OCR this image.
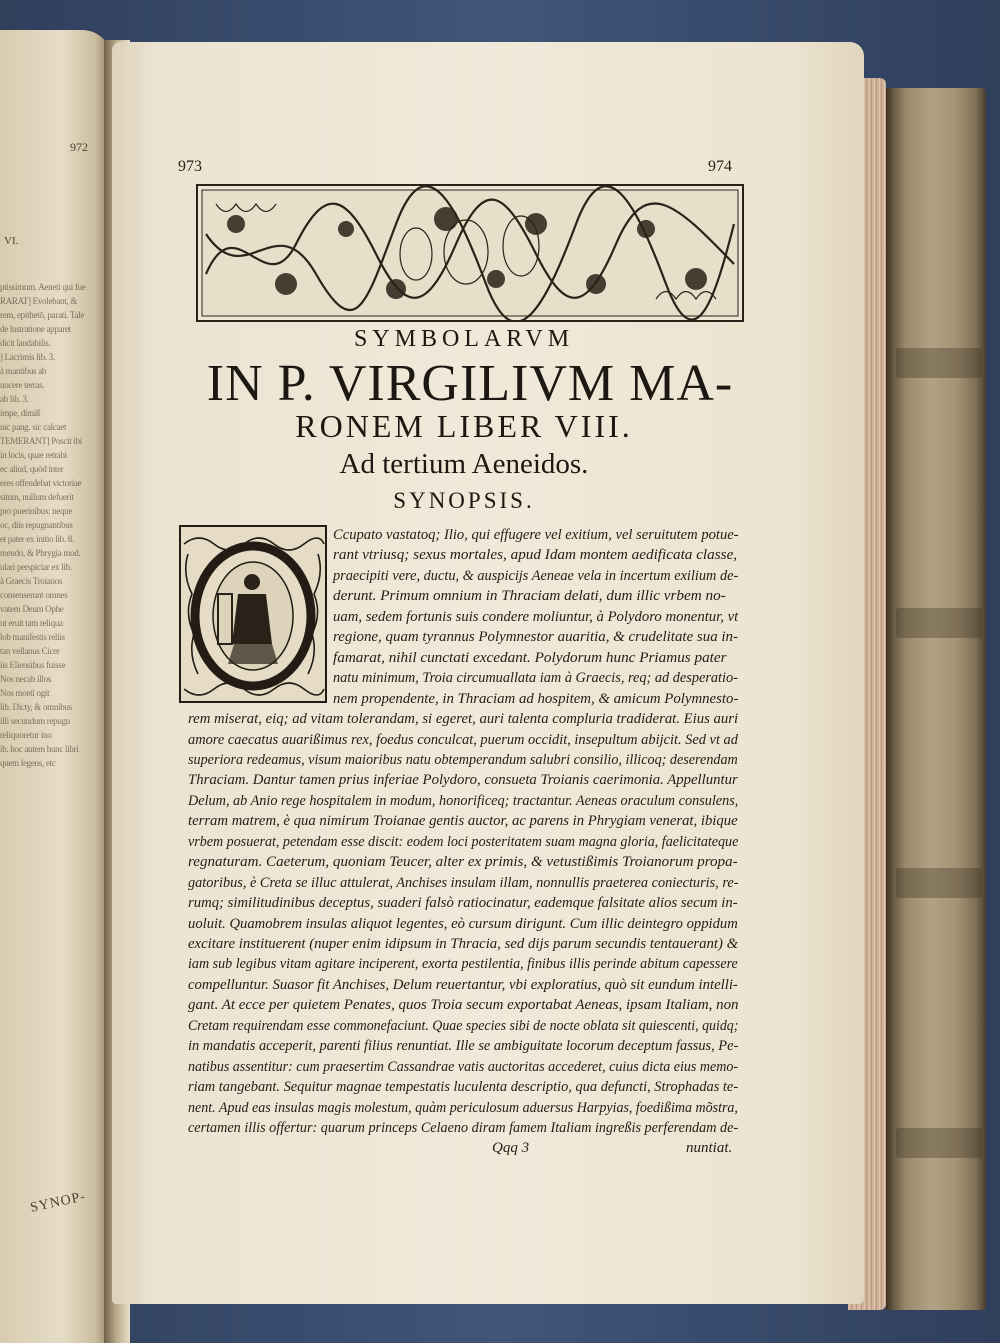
972
VI.
ptissimum. Aeneti qui fue
RARAT] Evolebant, &
rem, epithetō, parati. Tale
de lustratione apparet
dicit laudabilis.
] Lacrimis lib. 3.
à mantibus ab
uocere terras.
ab lib. 3.
impe, dimiß
nic pang. sic calcaet
TEMERANT] Poscit ibi
in locis, quae retrahi
ec aliud, quòd inter
eres offendebat victoriae
situm, nullum defuerit
pro puerinibus: neque
oc, diis repugnantibus
et pater ex initio lib. 8.
mendo, & Phrygia mod.
ulari perspiciar ex lib.
à Graecis Troianos
consenserunt omnes
vatem Deum Ophe
ut eruit tam reliqua
lob manifestis reliis
tan vellanus Cicer
iis Eliensibus fuisse
Nos necab illos
Nos moeti ogit
lib. Dicty, & omnibus
illi secundum repugn
reliquoretur ino
ib. hoc autem hunc libri
quem legens, etc
SYNOP-
973	974
SYMBOLARVM
IN P. VIRGILIVM MA-
RONEM LIBER VIII.
Ad tertium Aeneidos.
SYNOPSIS.
O
Ccupato vastatoq; Ilio, qui effugere vel exitium, vel seruitutem potue-
rant vtriusq; sexus mortales, apud Idam montem aedificata classe,
praecipiti vere, ductu, & auspicijs Aeneae vela in incertum exilium de-
derunt. Primum omnium in Thraciam delati, dum illic vrbem no-
uam, sedem fortunis suis condere moliuntur, à Polydoro monentur, vt
regione, quam tyrannus Polymnestor auaritia, & crudelitate sua in-
famarat, nihil cunctati excedant. Polydorum hunc Priamus pater
natu minimum, Troia circumuallata iam à Graecis, req; ad desperatio-
nem propendente, in Thraciam ad hospitem, & amicum Polymnesto-
rem miserat, eiq; ad vitam tolerandam, si egeret, auri talenta compluria tradiderat. Eius auri
amore caecatus auarißimus rex, foedus conculcat, puerum occidit, insepultum abijcit. Sed vt ad
superiora redeamus, visum maioribus natu obtemperandum salubri consilio, illicoq; deserendam
Thraciam. Dantur tamen prius inferiae Polydoro, consueta Troianis caerimonia. Appelluntur
Delum, ab Anio rege hospitalem in modum, honorificeq; tractantur. Aeneas oraculum consulens,
terram matrem, è qua nimirum Troianae gentis auctor, ac parens in Phrygiam venerat, ibique
vrbem posuerat, petendam esse discit: eodem loci posteritatem suam magna gloria, faelicitateque
regnaturam. Caeterum, quoniam Teucer, alter ex primis, & vetustißimis Troianorum propa-
gatoribus, è Creta se illuc attulerat, Anchises insulam illam, nonnullis praeterea coniecturis, re-
rumq; similitudinibus deceptus, suaderi falsò ratiocinatur, eademque falsitate alios secum in-
uoluit. Quamobrem insulas aliquot legentes, eò cursum dirigunt. Cum illic deintegro oppidum
excitare instituerent (nuper enim idipsum in Thracia, sed dijs parum secundis tentauerant) &
iam sub legibus vitam agitare inciperent, exorta pestilentia, finibus illis perinde abitum capessere
compelluntur. Suasor fit Anchises, Delum reuertantur, vbi exploratius, quò sit eundum intelli-
gant. At ecce per quietem Penates, quos Troia secum exportabat Aeneas, ipsam Italiam, non
Cretam requirendam esse commonefaciunt. Quae species sibi de nocte oblata sit quiescenti, quidq;
in mandatis acceperit, parenti filius renuntiat. Ille se ambiguitate locorum deceptum fassus, Pe-
natibus assentitur: cum praesertim Cassandrae vatis auctoritas accederet, cuius dicta eius memo-
riam tangebant. Sequitur magnae tempestatis luculenta descriptio, qua defuncti, Strophadas te-
nent. Apud eas insulas magis molestum, quàm periculosum aduersus Harpyias, foedißima mõstra,
certamen illis offertur: quarum princeps Celaeno diram famem Italiam ingreßis perferendam de-
Qqq 3	nuntiat.
